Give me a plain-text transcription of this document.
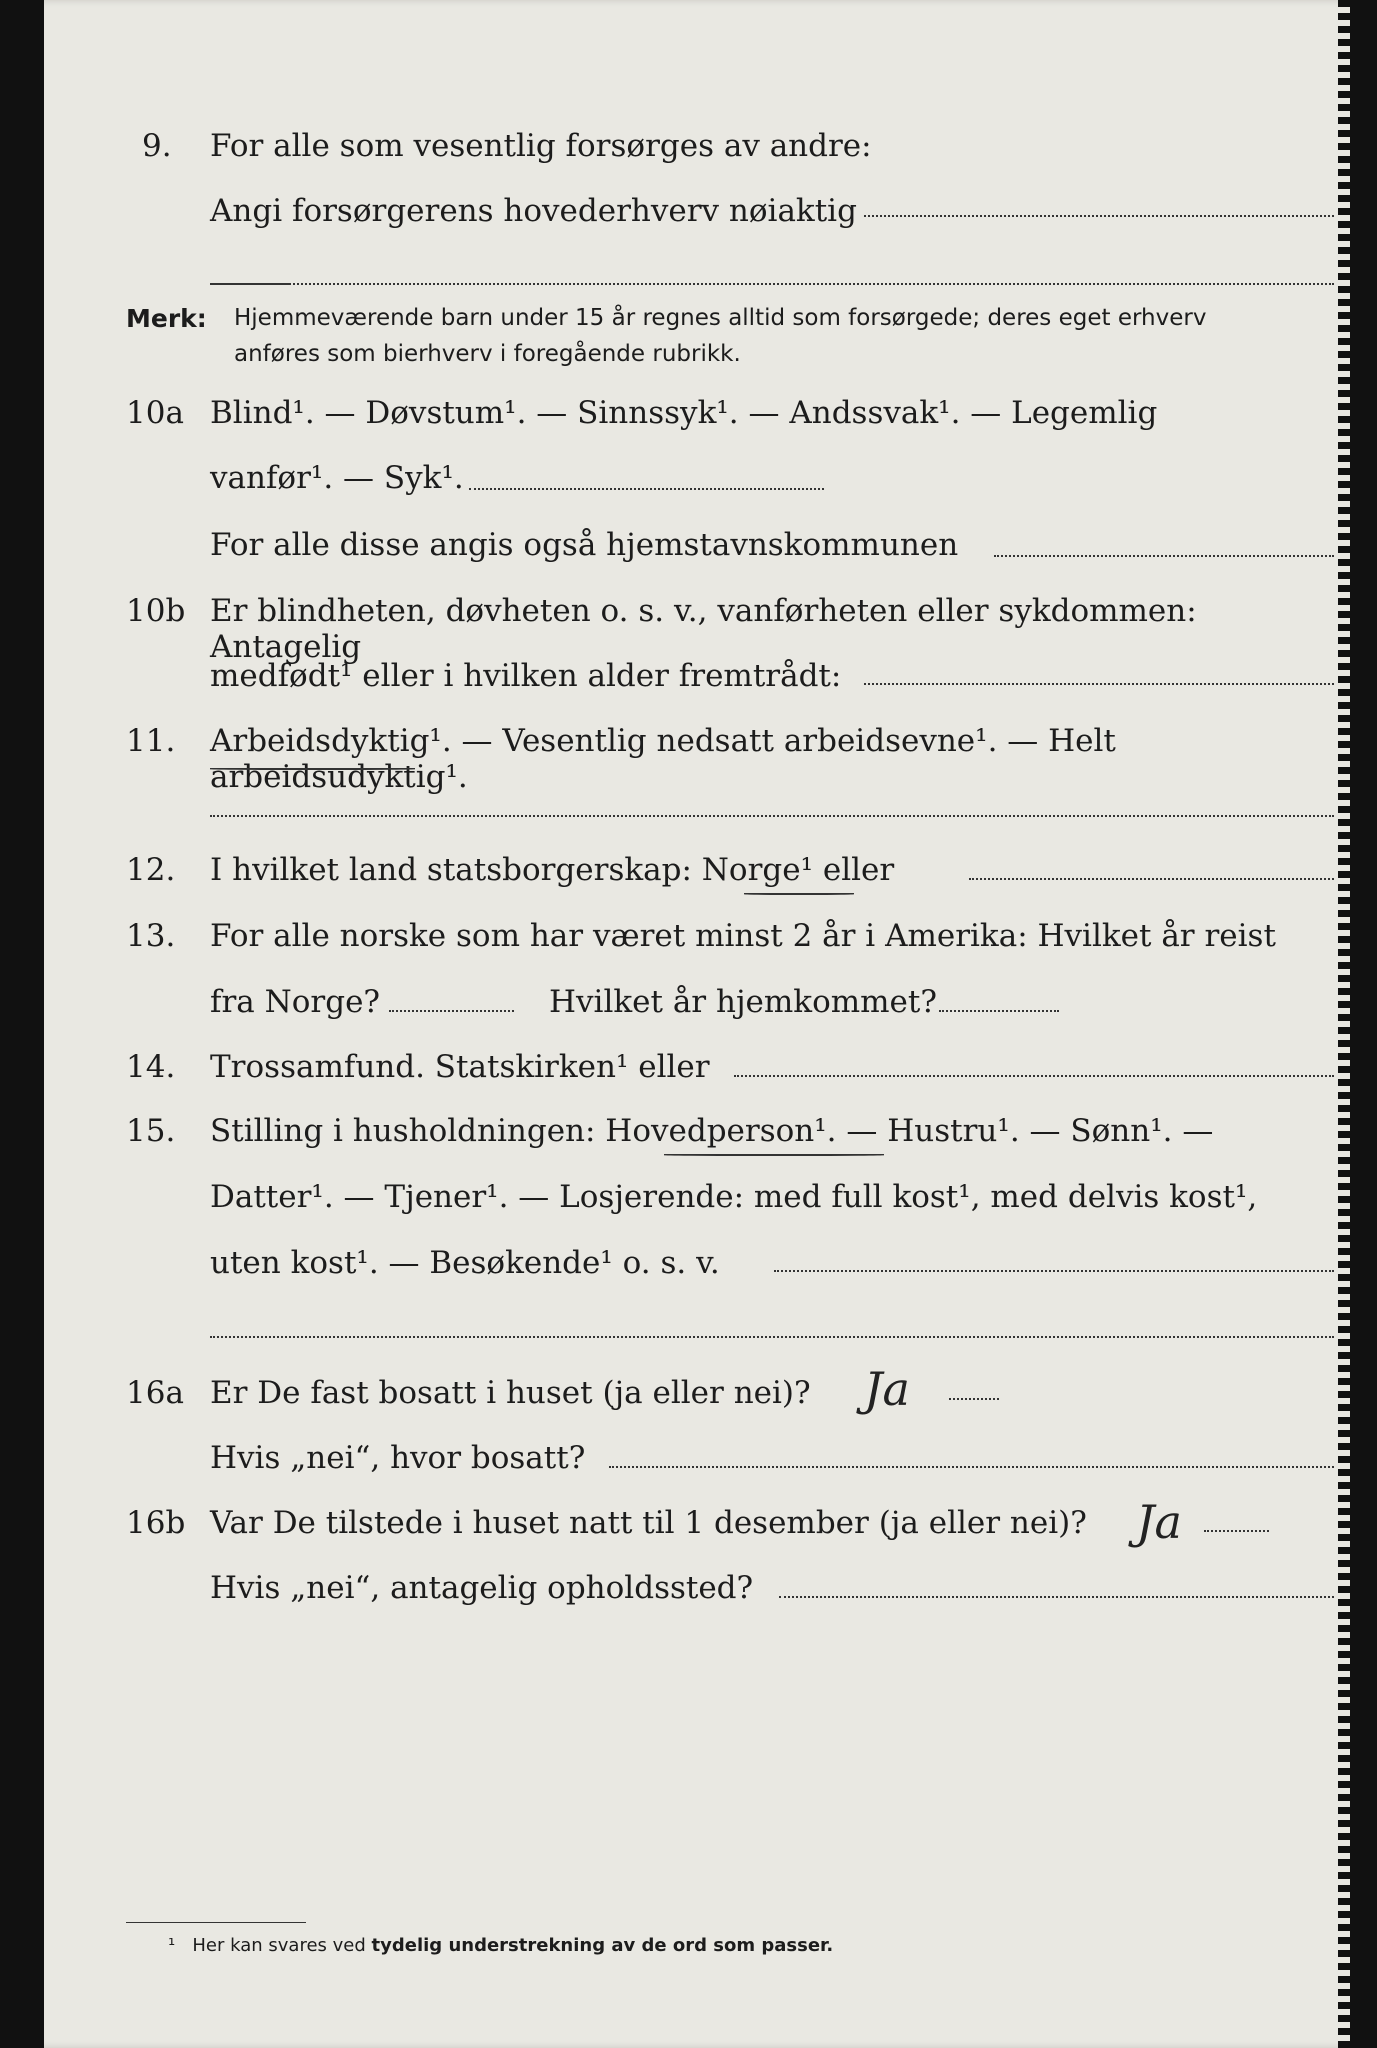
9. For alle som vesentlig forsørges av andre:
Angi forsørgerens hovederhverv nøiaktig
Merk: Hjemmeværende barn under 15 år regnes alltid som forsørgede; deres eget erhverv
anføres som bierhverv i foregående rubrikk.
10a Blind¹. — Døvstum¹. — Sinnssyk¹. — Andssvak¹. — Legemlig
vanfør¹. — Syk¹.
For alle disse angis også hjemstavnskommunen
10b Er blindheten, døvheten o. s. v., vanførheten eller sykdommen: Antagelig
medfødt¹ eller i hvilken alder fremtrådt:
11. Arbeidsdyktig¹. — Vesentlig nedsatt arbeidsevne¹. — Helt arbeidsudyktig¹.
12. I hvilket land statsborgerskap: Norge¹ eller
13. For alle norske som har været minst 2 år i Amerika: Hvilket år reist
fra Norge?	Hvilket år hjemkommet?
14. Trossamfund. Statskirken¹ eller
15. Stilling i husholdningen: Hovedperson¹. — Hustru¹. — Sønn¹. —
Datter¹. — Tjener¹. — Losjerende: med full kost¹, med delvis kost¹,
uten kost¹. — Besøkende¹ o. s. v.
16a Er De fast bosatt i huset (ja eller nei)? Ja
Hvis „nei“, hvor bosatt?
16b Var De tilstede i huset natt til 1 desember (ja eller nei)? Ja
Hvis „nei“, antagelig opholdssted?
¹ Her kan svares ved tydelig understrekning av de ord som passer.
